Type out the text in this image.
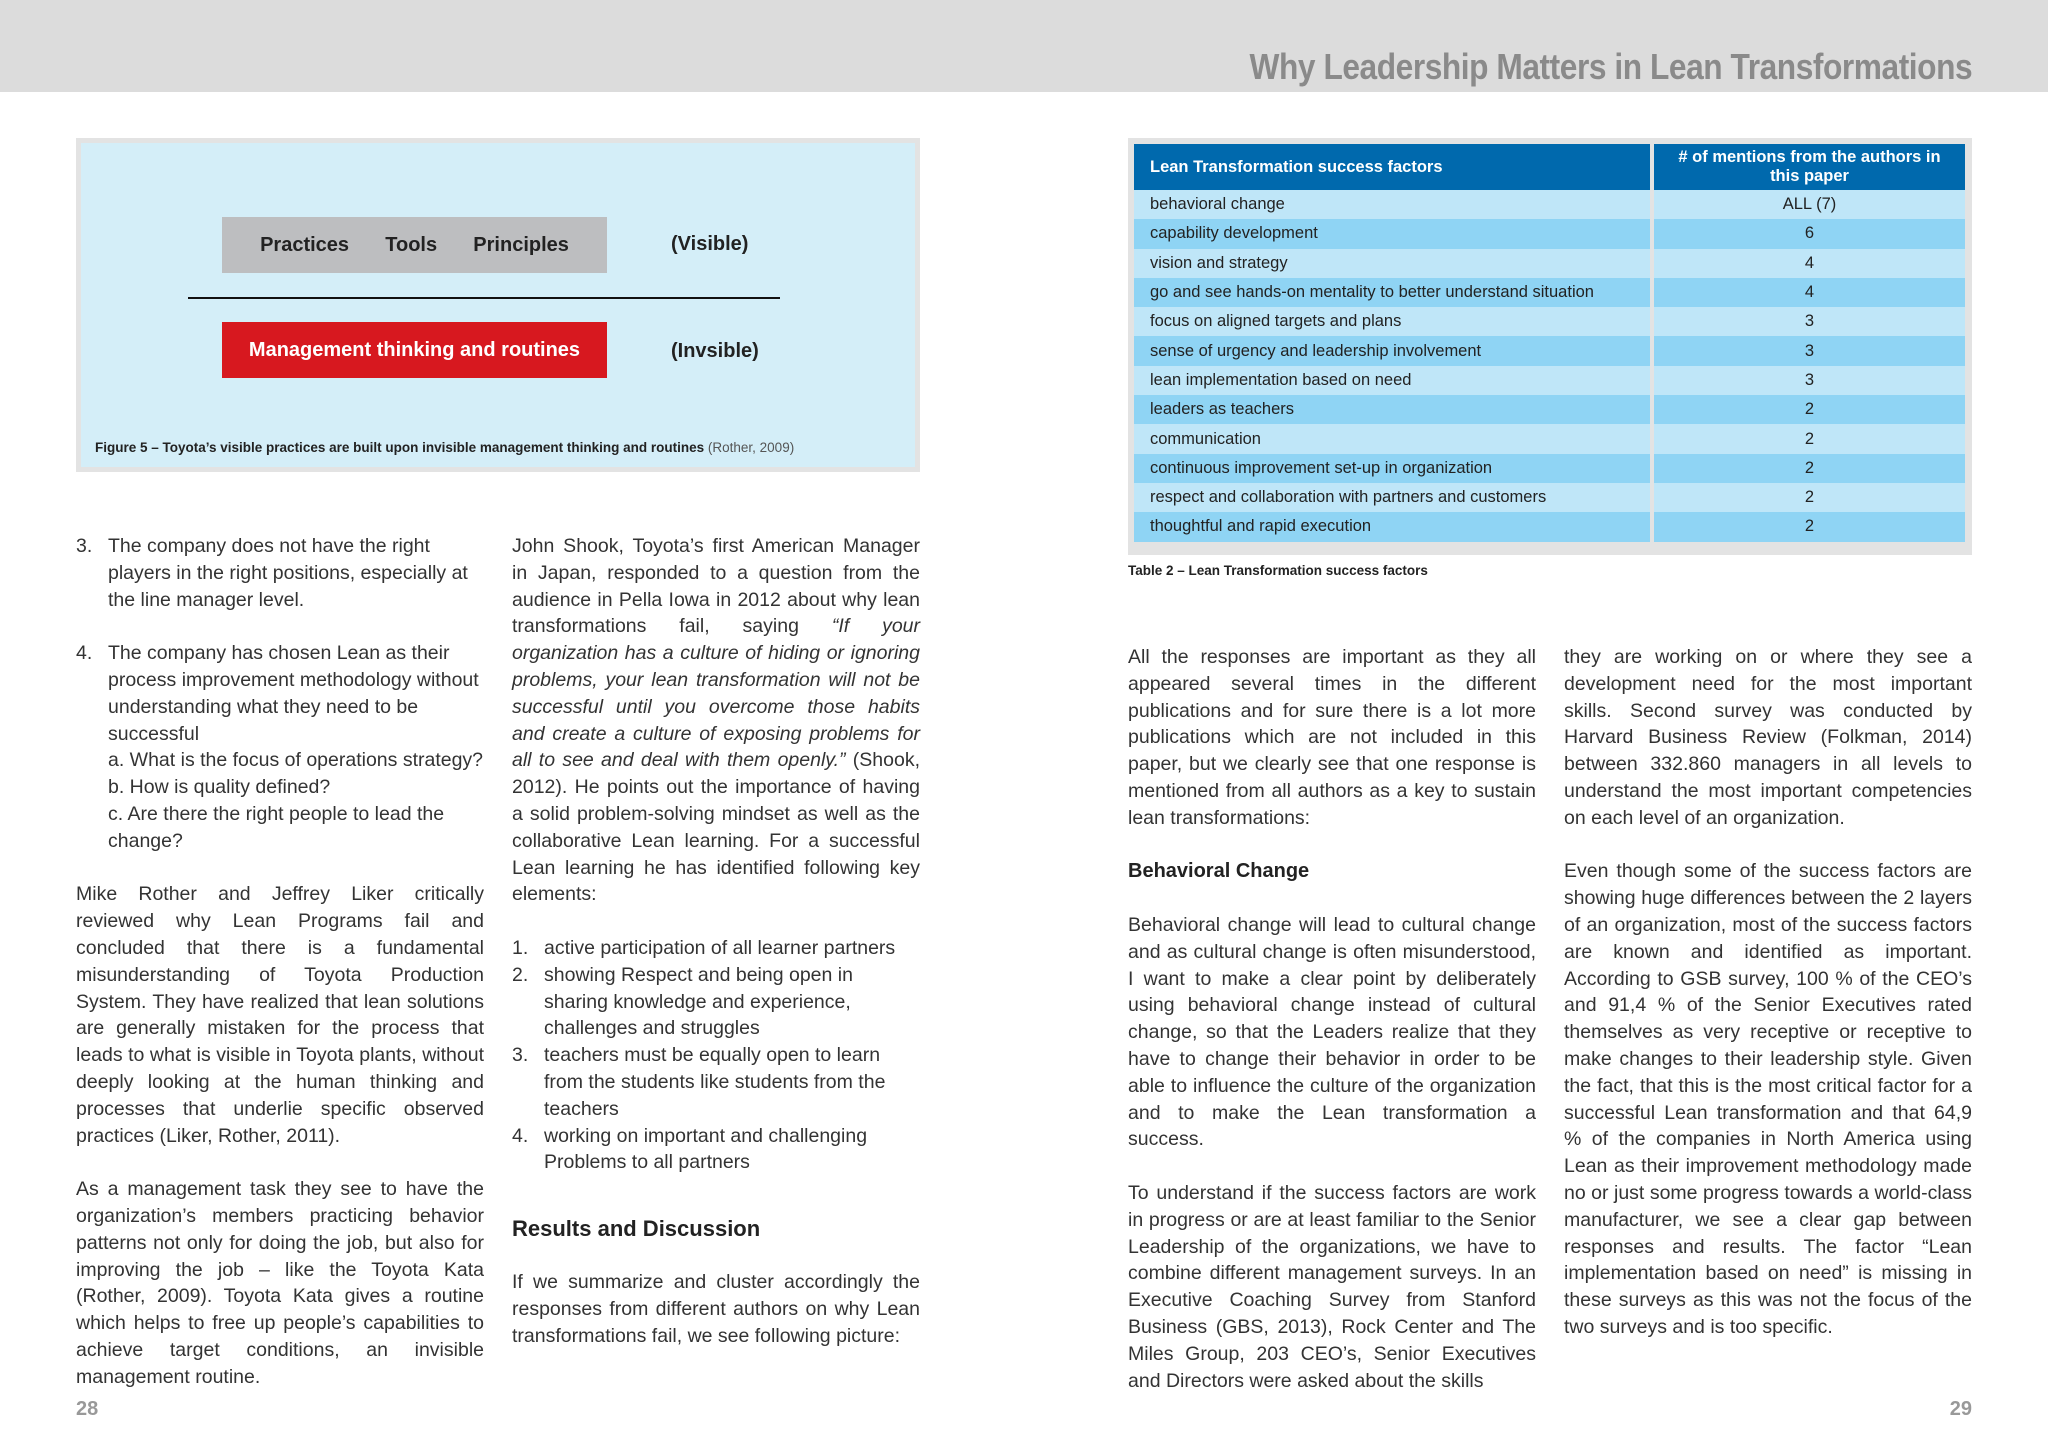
Why Leadership Matters in Lean Transformations
Practices Tools Principles	(Visible)
Management thinking and routines	(Invsible)
Figure 5 – Toyota’s visible practices are built upon invisible management thinking and routines (Rother, 2009)
Lean Transformation success factors	# of mentions from the authors in this paper
behavioral change	ALL (7)
capability development	6
vision and strategy	4
go and see hands-on mentality to better understand situation	4
focus on aligned targets and plans	3
sense of urgency and leadership involvement	3
lean implementation based on need	3
leaders as teachers	2
communication	2
continuous improvement set-up in organization	2
respect and collaboration with partners and customers	2
thoughtful and rapid execution	2
Table 2 – Lean Transformation success factors
3. The company does not have the right players in the right positions, especially at the line manager level.
4. The company has chosen Lean as their process improvement methodology without understanding what they need to be successful
a. What is the focus of operations strategy?
b. How is quality defined?
c. Are there the right people to lead the change?

Mike Rother and Jeffrey Liker critically reviewed why Lean Programs fail and concluded that there is a fundamental misunderstanding of Toyota Production System. They have realized that lean solutions are generally mistaken for the process that leads to what is visible in Toyota plants, without deeply looking at the human thinking and processes that underlie specific observed practices (Liker, Rother, 2011).

As a management task they see to have the organization’s members practicing behavior patterns not only for doing the job, but also for improving the job – like the Toyota Kata (Rother, 2009). Toyota Kata gives a routine which helps to free up people’s capabilities to achieve target conditions, an invisible management routine.

John Shook, Toyota’s first American Manager in Japan, responded to a question from the audience in Pella Iowa in 2012 about why lean transformations fail, saying “If your organization has a culture of hiding or ignoring problems, your lean transformation will not be successful until you overcome those habits and create a culture of exposing problems for all to see and deal with them openly.” (Shook, 2012). He points out the importance of having a solid problem-solving mindset as well as the collaborative Lean learning. For a successful Lean learning he has identified following key elements:

1. active participation of all learner partners
2. showing Respect and being open in sharing knowledge and experience, challenges and struggles
3. teachers must be equally open to learn from the students like students from the teachers
4. working on important and challenging Problems to all partners
Results and Discussion

If we summarize and cluster accordingly the responses from different authors on why Lean transformations fail, we see following picture:

All the responses are important as they all appeared several times in the different publications and for sure there is a lot more publications which are not included in this paper, but we clearly see that one response is mentioned from all authors as a key to sustain lean transformations:

Behavioral Change

Behavioral change will lead to cultural change and as cultural change is often misunderstood, I want to make a clear point by deliberately using behavioral change instead of cultural change, so that the Leaders realize that they have to change their behavior in order to be able to influence the culture of the organization and to make the Lean transformation a success.

To understand if the success factors are work in progress or are at least familiar to the Senior Leadership of the organizations, we have to combine different management surveys. In an Executive Coaching Survey from Stanford Business (GBS, 2013), Rock Center and The Miles Group, 203 CEO’s, Senior Executives and Directors were asked about the skills

they are working on or where they see a development need for the most important skills. Second survey was conducted by Harvard Business Review (Folkman, 2014) between 332.860 managers in all levels to understand the most important competencies on each level of an organization.

Even though some of the success factors are showing huge differences between the 2 layers of an organization, most of the success factors are known and identified as important. According to GSB survey, 100 % of the CEO’s and 91,4 % of the Senior Executives rated themselves as very receptive or receptive to make changes to their leadership style. Given the fact, that this is the most critical factor for a successful Lean transformation and that 64,9 % of the companies in North America using Lean as their improvement methodology made no or just some progress towards a world-class manufacturer, we see a clear gap between responses and results. The factor “Lean implementation based on need” is missing in these surveys as this was not the focus of the two surveys and is too specific.

28	29
